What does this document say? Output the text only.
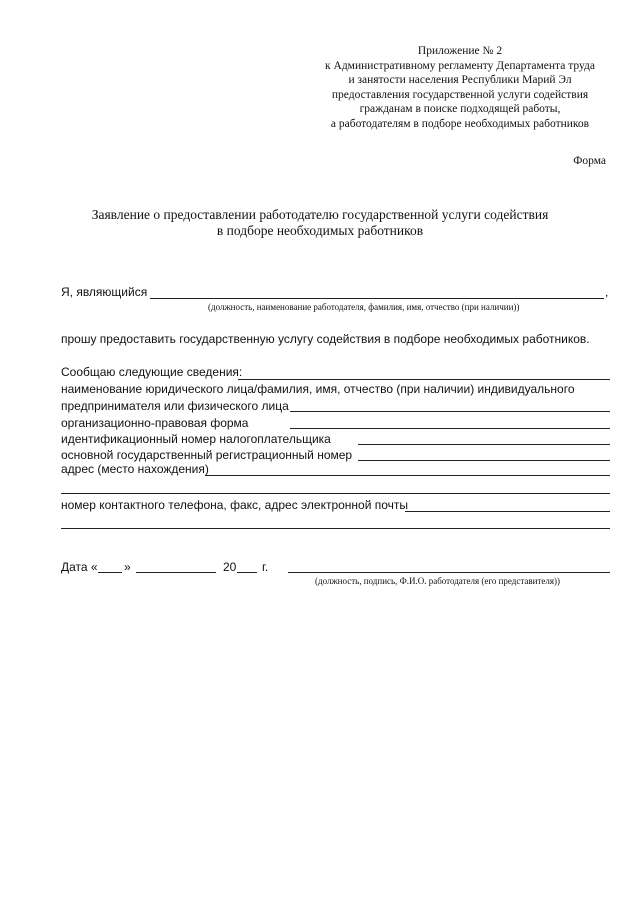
Приложение № 2
к Административному регламенту Департамента труда
и занятости населения Республики Марий Эл
предоставления государственной услуги содействия
гражданам в поиске подходящей работы,
а работодателям в подборе необходимых работников
Форма
Заявление о предоставлении работодателю государственной услуги содействия
в подборе необходимых работников
Я, являющийся	,
(должность, наименование работодателя, фамилия, имя, отчество (при наличии))
прошу предоставить государственную услугу содействия в подборе необходимых работников.
Сообщаю следующие сведения:
наименование юридического лица/фамилия, имя, отчество (при наличии) индивидуального
предпринимателя или физического лица
организационно-правовая форма
идентификационный номер налогоплательщика
основной государственный регистрационный номер
адрес (место нахождения)
номер контактного телефона, факс, адрес электронной почты
Дата « »	20 г.
(должность, подпись, Ф.И.О. работодателя (его представителя))
